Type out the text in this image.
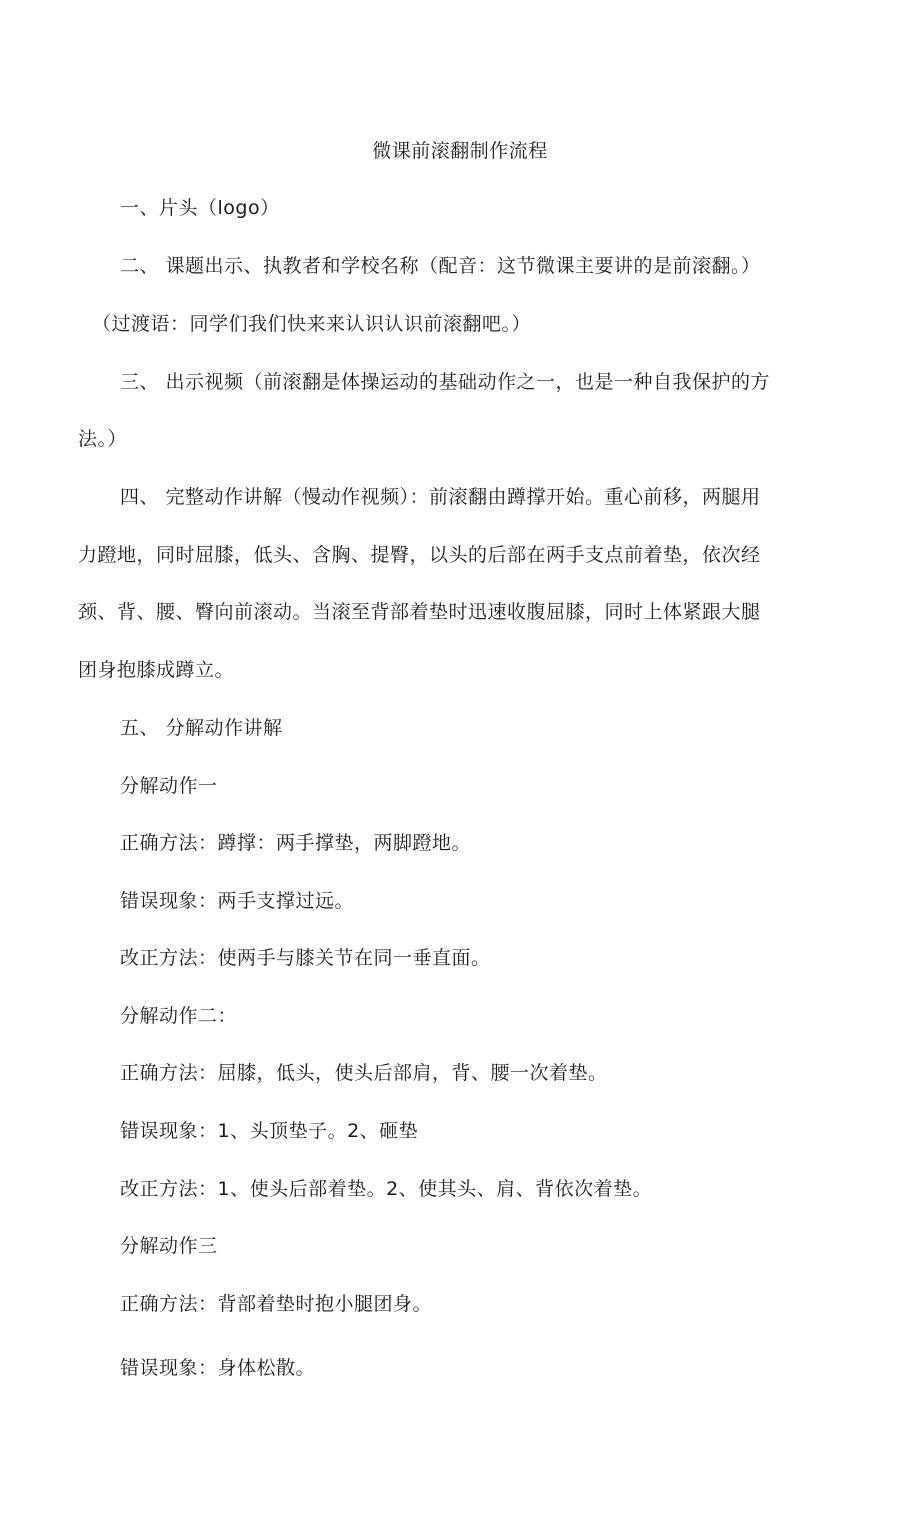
微课前滚翻制作流程
一、片头（logo）
二、 课题出示、执教者和学校名称（配音：这节微课主要讲的是前滚翻。）
（过渡语：同学们我们快来来认识认识前滚翻吧。）
三、 出示视频（前滚翻是体操运动的基础动作之一，也是一种自我保护的方
法。）
四、 完整动作讲解（慢动作视频）：前滚翻由蹲撑开始。重心前移，两腿用
力蹬地，同时屈膝，低头、含胸、提臀，以头的后部在两手支点前着垫，依次经
颈、背、腰、臀向前滚动。当滚至背部着垫时迅速收腹屈膝，同时上体紧跟大腿
团身抱膝成蹲立。
五、 分解动作讲解
分解动作一
正确方法：蹲撑：两手撑垫，两脚蹬地。
错误现象：两手支撑过远。
改正方法：使两手与膝关节在同一垂直面。
分解动作二：
正确方法：屈膝，低头，使头后部肩，背、腰一次着垫。
错误现象：1、头顶垫子。2、砸垫
改正方法：1、使头后部着垫。2、使其头、肩、背依次着垫。
分解动作三
正确方法：背部着垫时抱小腿团身。
错误现象：身体松散。
